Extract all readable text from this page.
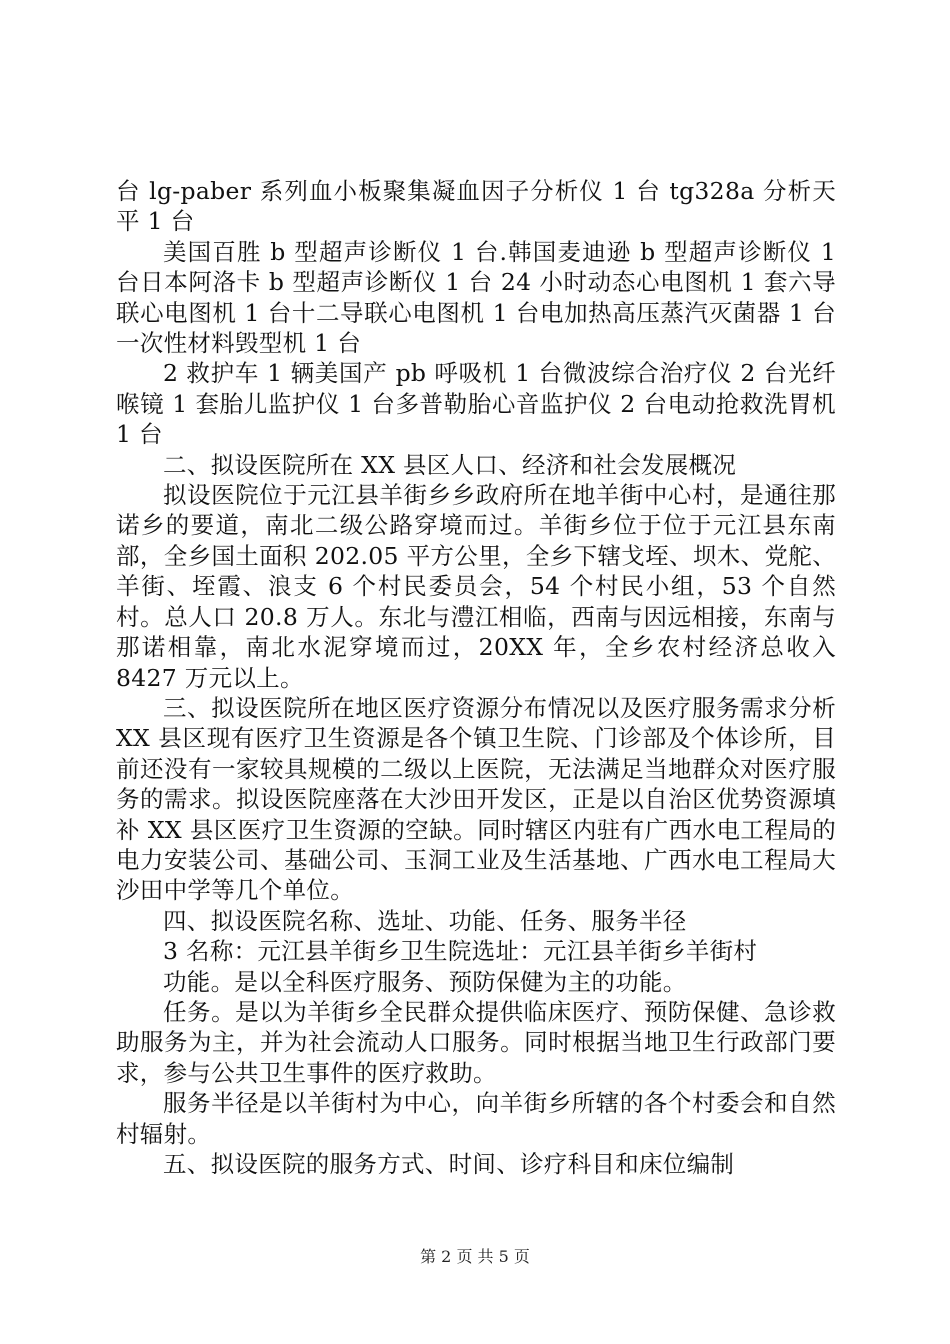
台 lg-paber 系列血小板聚集凝血因子分析仪 1 台 tg328a 分析天平 1 台

美国百胜 b 型超声诊断仪 1 台.韩国麦迪逊 b 型超声诊断仪 1 台日本阿洛卡 b 型超声诊断仪 1 台 24 小时动态心电图机 1 套六导联心电图机 1 台十二导联心电图机 1 台电加热高压蒸汽灭菌器 1 台一次性材料毁型机 1 台

2 救护车 1 辆美国产 pb 呼吸机 1 台微波综合治疗仪 2 台光纤喉镜 1 套胎儿监护仪 1 台多普勒胎心音监护仪 2 台电动抢救洗胃机 1 台

二、拟设医院所在 XX 县区人口、经济和社会发展概况

拟设医院位于元江县羊街乡乡政府所在地羊街中心村，是通往那诺乡的要道，南北二级公路穿境而过。羊街乡位于位于元江县东南部，全乡国土面积 202.05 平方公里，全乡下辖戈垤、坝木、党舵、羊街、垤霞、浪支 6 个村民委员会，54 个村民小组，53 个自然村。总人口 20.8 万人。东北与澧江相临，西南与因远相接，东南与那诺相靠，南北水泥穿境而过，20XX 年，全乡农村经济总收入 8427 万元以上。

三、拟设医院所在地区医疗资源分布情况以及医疗服务需求分析 XX 县区现有医疗卫生资源是各个镇卫生院、门诊部及个体诊所，目前还没有一家较具规模的二级以上医院，无法满足当地群众对医疗服务的需求。拟设医院座落在大沙田开发区，正是以自治区优势资源填补 XX 县区医疗卫生资源的空缺。同时辖区内驻有广西水电工程局的电力安装公司、基础公司、玉洞工业及生活基地、广西水电工程局大沙田中学等几个单位。

四、拟设医院名称、选址、功能、任务、服务半径

3 名称：元江县羊街乡卫生院选址：元江县羊街乡羊街村

功能。是以全科医疗服务、预防保健为主的功能。

任务。是以为羊街乡全民群众提供临床医疗、预防保健、急诊救助服务为主，并为社会流动人口服务。同时根据当地卫生行政部门要求，参与公共卫生事件的医疗救助。

服务半径是以羊街村为中心，向羊街乡所辖的各个村委会和自然村辐射。

五、拟设医院的服务方式、时间、诊疗科目和床位编制

第 2 页 共 5 页
